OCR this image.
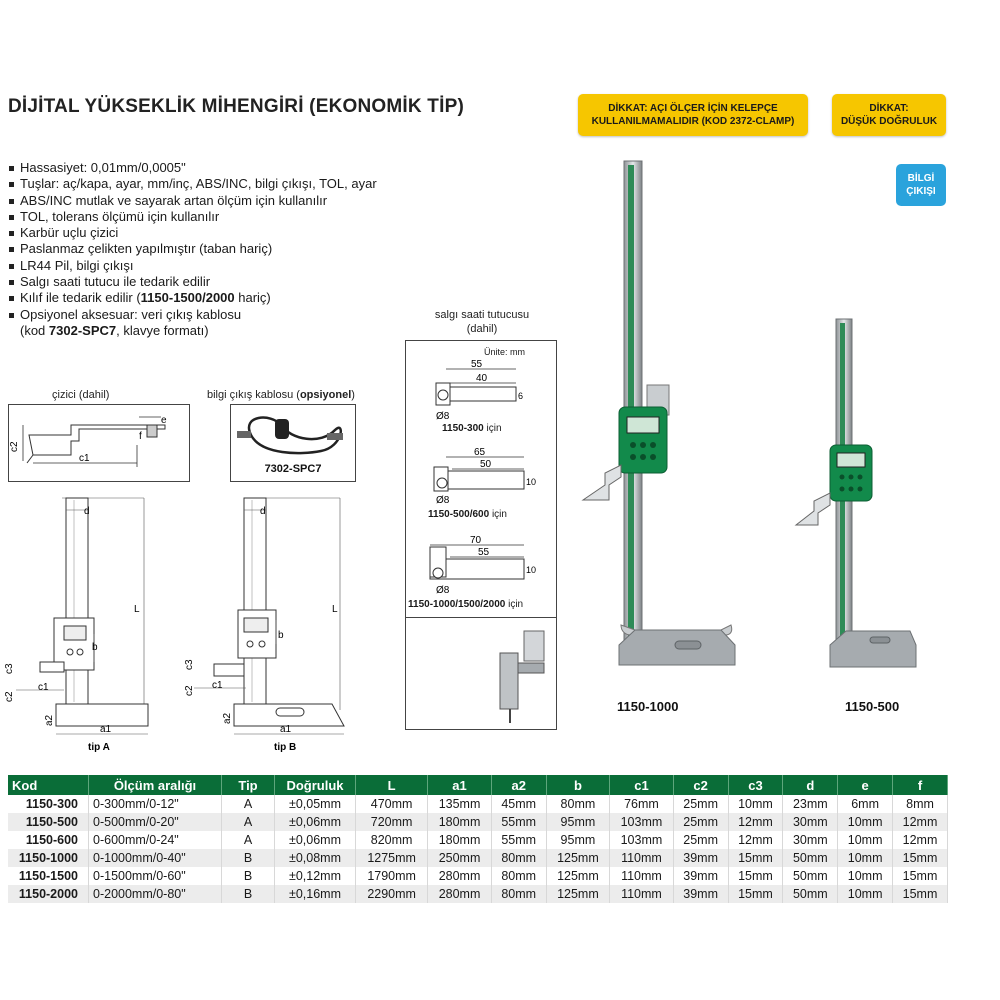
DİJİTAL YÜKSEKLİK MİHENGİRİ (EKONOMİK TİP)	DİKKAT: AÇI ÖLÇER İÇİN KELEPÇE
KULLANILMAMALIDIR (KOD 2372-CLAMP)
DİKKAT:
DÜŞÜK DOĞRULUK
BİLGİ
ÇIKIŞI
Hassasiyet: 0,01mm/0,0005"
Tuşlar: aç/kapa, ayar, mm/inç, ABS/INC, bilgi çıkışı, TOL, ayar
ABS/INC mutlak ve sayarak artan ölçüm için kullanılır
TOL, tolerans ölçümü için kullanılır
Karbür uçlu çizici
Paslanmaz çelikten yapılmıştır (taban hariç)
LR44 Pil, bilgi çıkışı
Salgı saati tutucu ile tedarik edilir
Kılıf ile tedarik edilir (1150-1500/2000 hariç)
Opsiyonel aksesuar: veri çıkış kablosu
(kod 7302-SPC7, klavye formatı)
çizici (dahil)
c2
c1
e
f
bilgi çıkış kablosu (opsiyonel)
7302-SPC7
salgı saati tutucusu
(dahil)
Ünite: mm
55
40
6
Ø8
65
50
10
Ø8
70
55
10
Ø8
1150-300 için
1150-500/600 için
1150-1000/1500/2000 için
d
L
b
c3
c1
c2
a2
a1
tip A
d
L
b
c3
c1
c2
a2
a1
tip B
1150-1000	1150-500
Kod	Ölçüm aralığı	Tip	Doğruluk	L	a1	a2	b	c1	c2	c3	d	e	f
1150-300	0-300mm/0-12"	A	±0,05mm	470mm	135mm	45mm	80mm	76mm	25mm	10mm	23mm	6mm	8mm
1150-500	0-500mm/0-20"	A	±0,06mm	720mm	180mm	55mm	95mm	103mm	25mm	12mm	30mm	10mm	12mm
1150-600	0-600mm/0-24"	A	±0,06mm	820mm	180mm	55mm	95mm	103mm	25mm	12mm	30mm	10mm	12mm
1150-1000	0-1000mm/0-40"	B	±0,08mm	1275mm	250mm	80mm	125mm	110mm	39mm	15mm	50mm	10mm	15mm
1150-1500	0-1500mm/0-60"	B	±0,12mm	1790mm	280mm	80mm	125mm	110mm	39mm	15mm	50mm	10mm	15mm
1150-2000	0-2000mm/0-80"	B	±0,16mm	2290mm	280mm	80mm	125mm	110mm	39mm	15mm	50mm	10mm	15mm
